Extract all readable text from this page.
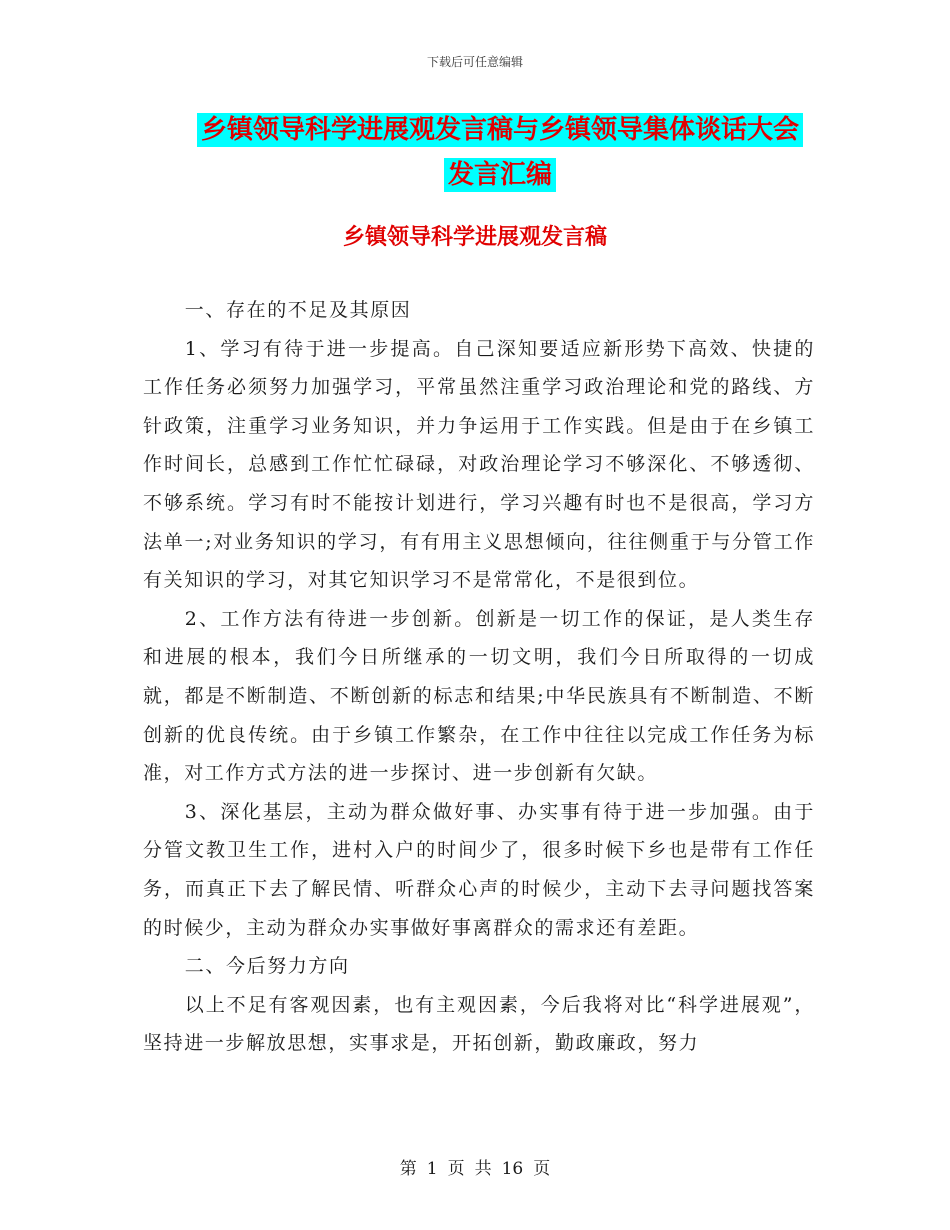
下载后可任意编辑
乡镇领导科学进展观发言稿与乡镇领导集体谈话大会
发言汇编
乡镇领导科学进展观发言稿

一、存在的不足及其原因

1、学习有待于进一步提高。自己深知要适应新形势下高效、快捷的工作任务必须努力加强学习，平常虽然注重学习政治理论和党的路线、方针政策，注重学习业务知识，并力争运用于工作实践。但是由于在乡镇工作时间长，总感到工作忙忙碌碌，对政治理论学习不够深化、不够透彻、不够系统。学习有时不能按计划进行，学习兴趣有时也不是很高，学习方法单一;对业务知识的学习，有有用主义思想倾向，往往侧重于与分管工作有关知识的学习，对其它知识学习不是常常化，不是很到位。

2、工作方法有待进一步创新。创新是一切工作的保证，是人类生存和进展的根本，我们今日所继承的一切文明，我们今日所取得的一切成就，都是不断制造、不断创新的标志和结果;中华民族具有不断制造、不断创新的优良传统。由于乡镇工作繁杂，在工作中往往以完成工作任务为标准，对工作方式方法的进一步探讨、进一步创新有欠缺。

3、深化基层，主动为群众做好事、办实事有待于进一步加强。由于分管文教卫生工作，进村入户的时间少了，很多时候下乡也是带有工作任务，而真正下去了解民情、听群众心声的时候少，主动下去寻问题找答案的时候少，主动为群众办实事做好事离群众的需求还有差距。

二、今后努力方向

以上不足有客观因素，也有主观因素，今后我将对比“科学进展观”，坚持进一步解放思想，实事求是，开拓创新，勤政廉政，努力

第 1 页 共 16 页
